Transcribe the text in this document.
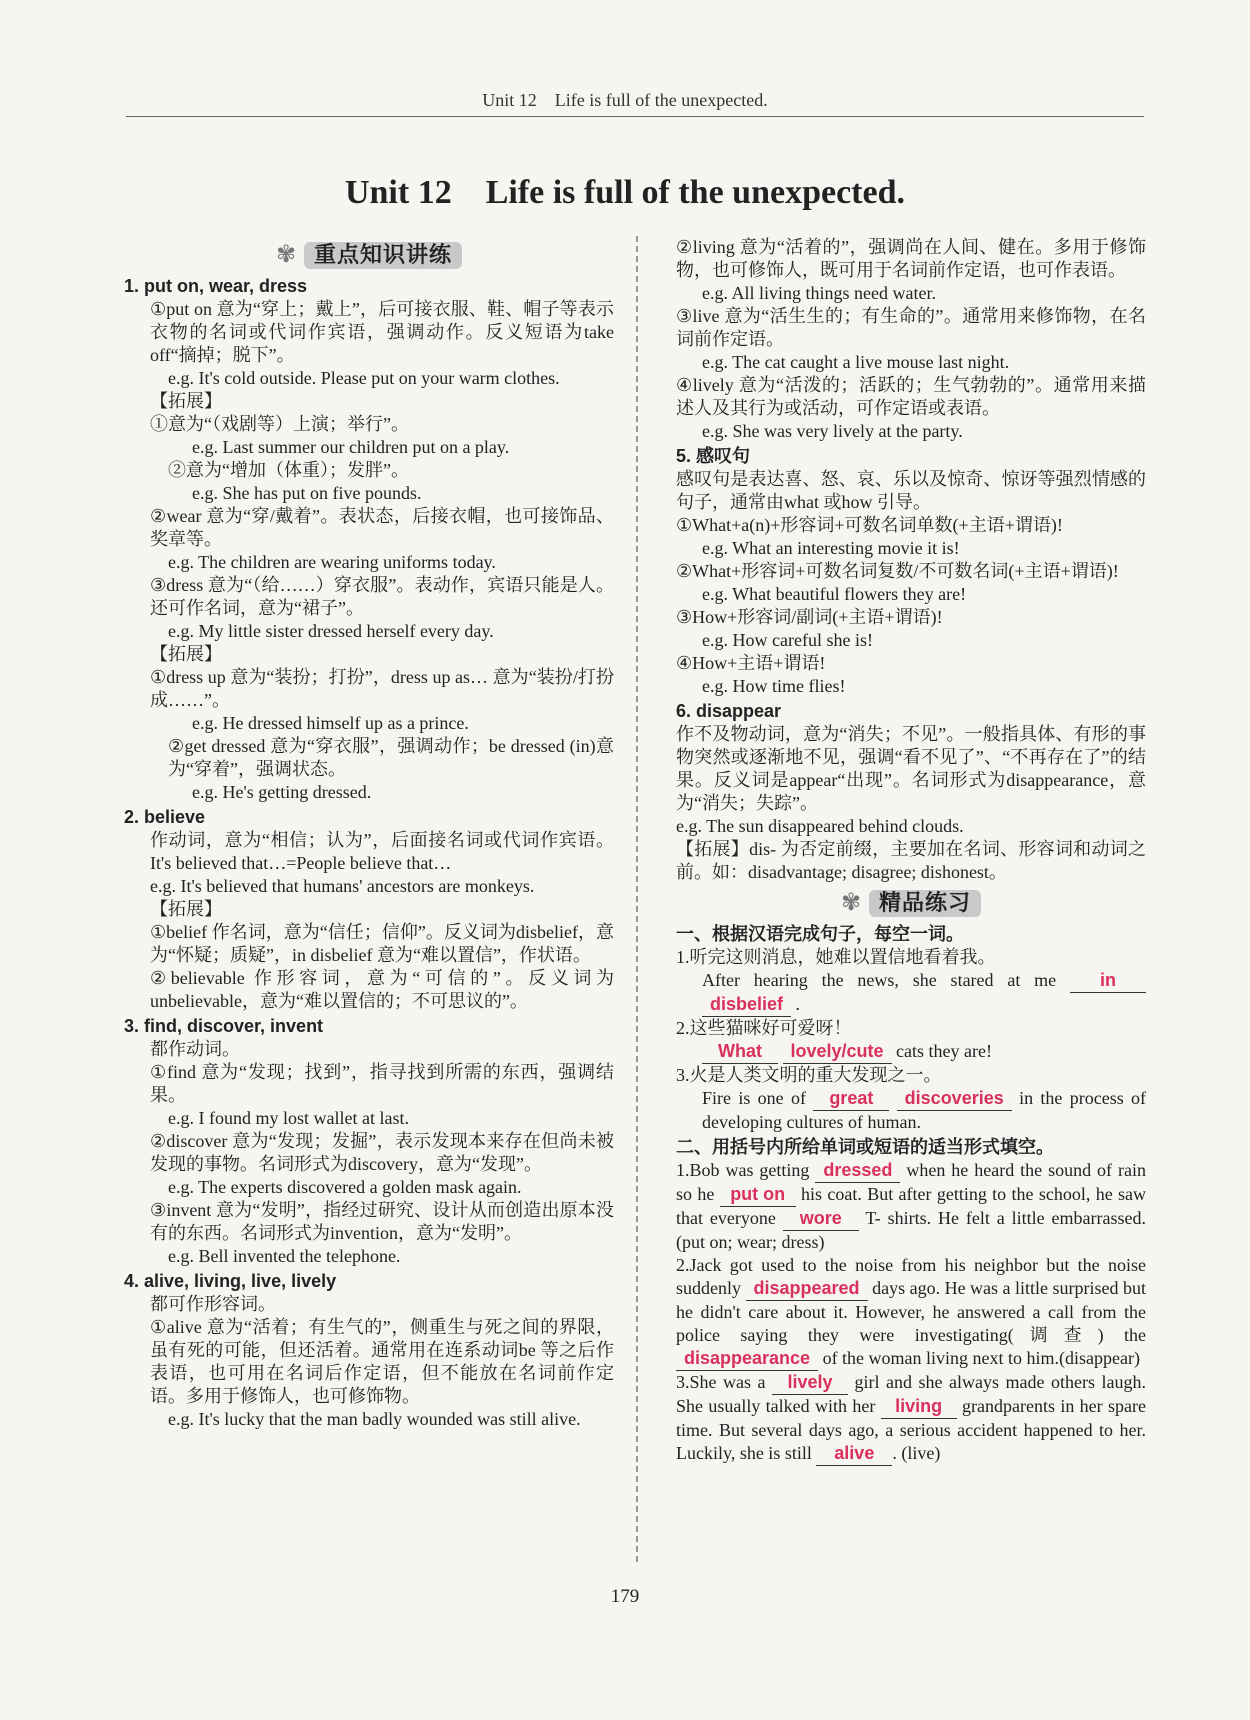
Unit 12　Life is full of the unexpected.
Unit 12　Life is full of the unexpected.
✾ 重点知识讲练
1. put on, wear, dress
①put on 意为“穿上；戴上”，后可接衣服、鞋、帽子等表示衣物的名词或代词作宾语，强调动作。反义短语为take off“摘掉；脱下”。
e.g. It's cold outside. Please put on your warm clothes.
【拓展】
①意为“（戏剧等）上演；举行”。
e.g. Last summer our children put on a play.
②意为“增加（体重）；发胖”。
e.g. She has put on five pounds.
②wear 意为“穿/戴着”。表状态，后接衣帽，也可接饰品、奖章等。
e.g. The children are wearing uniforms today.
③dress 意为“（给……）穿衣服”。表动作，宾语只能是人。还可作名词，意为“裙子”。
e.g. My little sister dressed herself every day.
【拓展】
①dress up 意为“装扮；打扮”，dress up as… 意为“装扮/打扮成……”。
e.g. He dressed himself up as a prince.
②get dressed 意为“穿衣服”，强调动作；be dressed (in)意为“穿着”，强调状态。
e.g. He's getting dressed.
2. believe
作动词，意为“相信；认为”，后面接名词或代词作宾语。It's believed that…=People believe that…
e.g. It's believed that humans' ancestors are monkeys.
【拓展】
①belief 作名词，意为“信任；信仰”。反义词为disbelief，意为“怀疑；质疑”，in disbelief 意为“难以置信”，作状语。
②believable 作形容词，意为“可信的”。反义词为unbelievable，意为“难以置信的；不可思议的”。
3. find, discover, invent
都作动词。
①find 意为“发现；找到”，指寻找到所需的东西，强调结果。
e.g. I found my lost wallet at last.
②discover 意为“发现；发掘”，表示发现本来存在但尚未被发现的事物。名词形式为discovery，意为“发现”。
e.g. The experts discovered a golden mask again.
③invent 意为“发明”，指经过研究、设计从而创造出原本没有的东西。名词形式为invention，意为“发明”。
e.g. Bell invented the telephone.
4. alive, living, live, lively
都可作形容词。
①alive 意为“活着；有生气的”，侧重生与死之间的界限，虽有死的可能，但还活着。通常用在连系动词be 等之后作表语，也可用在名词后作定语，但不能放在名词前作定语。多用于修饰人，也可修饰物。
e.g. It's lucky that the man badly wounded was still alive.
②living 意为“活着的”，强调尚在人间、健在。多用于修饰物，也可修饰人，既可用于名词前作定语，也可作表语。
e.g. All living things need water.
③live 意为“活生生的；有生命的”。通常用来修饰物，在名词前作定语。
e.g. The cat caught a live mouse last night.
④lively 意为“活泼的；活跃的；生气勃勃的”。通常用来描述人及其行为或活动，可作定语或表语。
e.g. She was very lively at the party.
5. 感叹句
感叹句是表达喜、怒、哀、乐以及惊奇、惊讶等强烈情感的句子，通常由what 或how 引导。
①What+a(n)+形容词+可数名词单数(+主语+谓语)!
e.g. What an interesting movie it is!
②What+形容词+可数名词复数/不可数名词(+主语+谓语)!
e.g. What beautiful flowers they are!
③How+形容词/副词(+主语+谓语)!
e.g. How careful she is!
④How+主语+谓语!
e.g. How time flies!
6. disappear
作不及物动词，意为“消失；不见”。一般指具体、有形的事物突然或逐渐地不见，强调“看不见了”、“不再存在了”的结果。反义词是appear“出现”。名词形式为disappearance，意为“消失；失踪”。
e.g. The sun disappeared behind clouds.
【拓展】dis- 为否定前缀，主要加在名词、形容词和动词之前。如：disadvantage; disagree; dishonest。
✾ 精品练习
一、根据汉语完成句子，每空一词。
1.听完这则消息，她难以置信地看着我。
After hearing the news, she stared at me in disbelief .
2.这些猫咪好可爱呀！
What lovely/cute cats they are!
3.火是人类文明的重大发现之一。
Fire is one of great discoveries in the process of developing cultures of human.
二、用括号内所给单词或短语的适当形式填空。
1.Bob was getting dressed when he heard the sound of rain so he put on his coat. But after getting to the school, he saw that everyone wore T- shirts. He felt a little embarrassed. (put on; wear; dress)
2.Jack got used to the noise from his neighbor but the noise suddenly disappeared days ago. He was a little surprised but he didn't care about it. However, he answered a call from the police saying they were investigating(调查) the disappearance of the woman living next to him.(disappear)
3.She was a lively girl and she always made others laugh. She usually talked with her living grandparents in her spare time. But several days ago, a serious accident happened to her. Luckily, she is still alive . (live)
179
